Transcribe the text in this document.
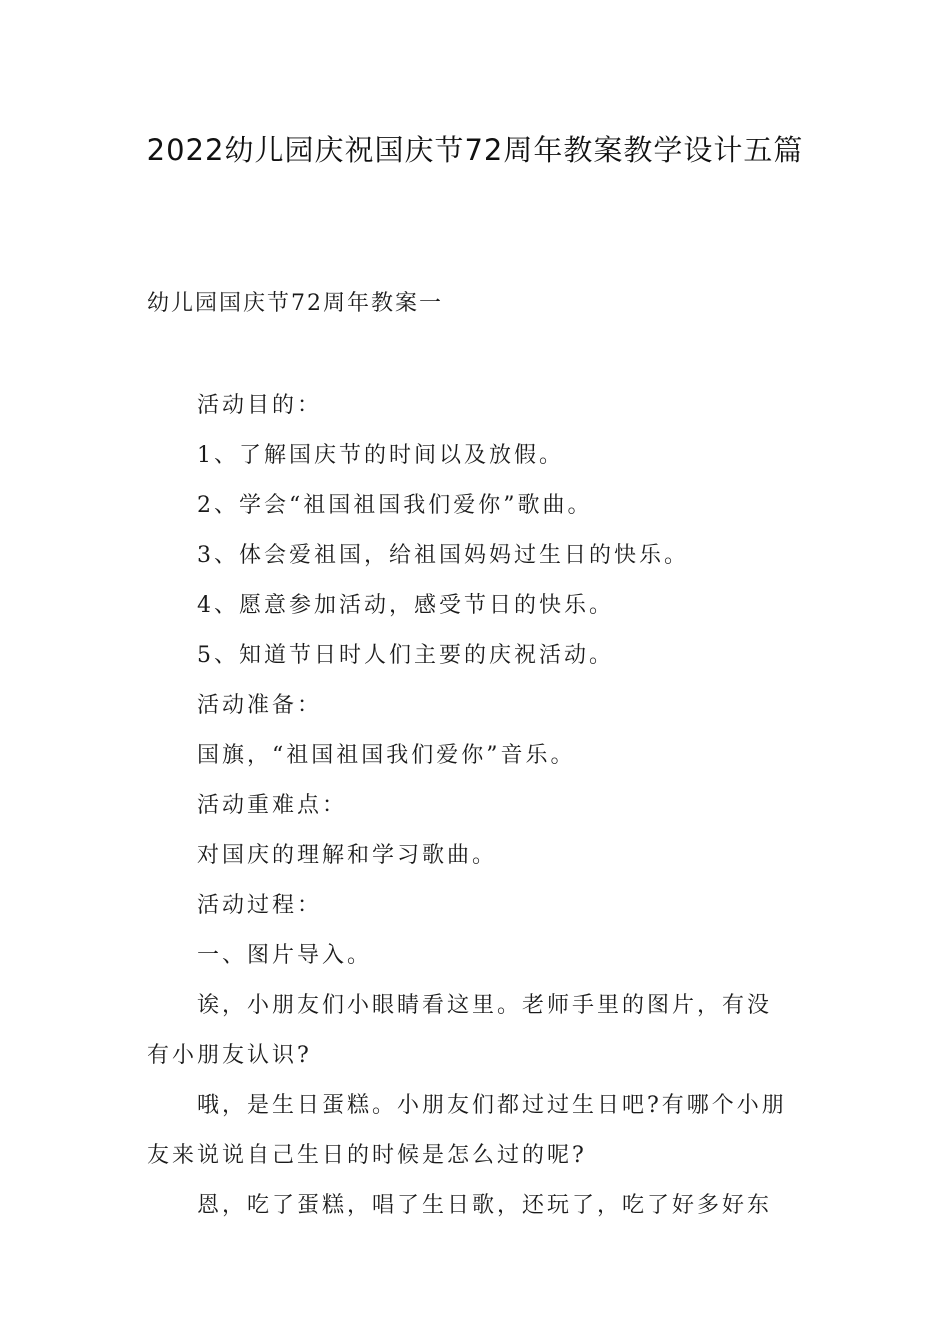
2022幼儿园庆祝国庆节72周年教案教学设计五篇
幼儿园国庆节72周年教案一
活动目的：
1、了解国庆节的时间以及放假。
2、学会“祖国祖国我们爱你”歌曲。
3、体会爱祖国，给祖国妈妈过生日的快乐。
4、愿意参加活动，感受节日的快乐。
5、知道节日时人们主要的庆祝活动。
活动准备：
国旗，“祖国祖国我们爱你”音乐。
活动重难点：
对国庆的理解和学习歌曲。
活动过程：
一、图片导入。
诶，小朋友们小眼睛看这里。老师手里的图片，有没
有小朋友认识?
哦，是生日蛋糕。小朋友们都过过生日吧?有哪个小朋
友来说说自己生日的时候是怎么过的呢?
恩，吃了蛋糕，唱了生日歌，还玩了，吃了好多好东
